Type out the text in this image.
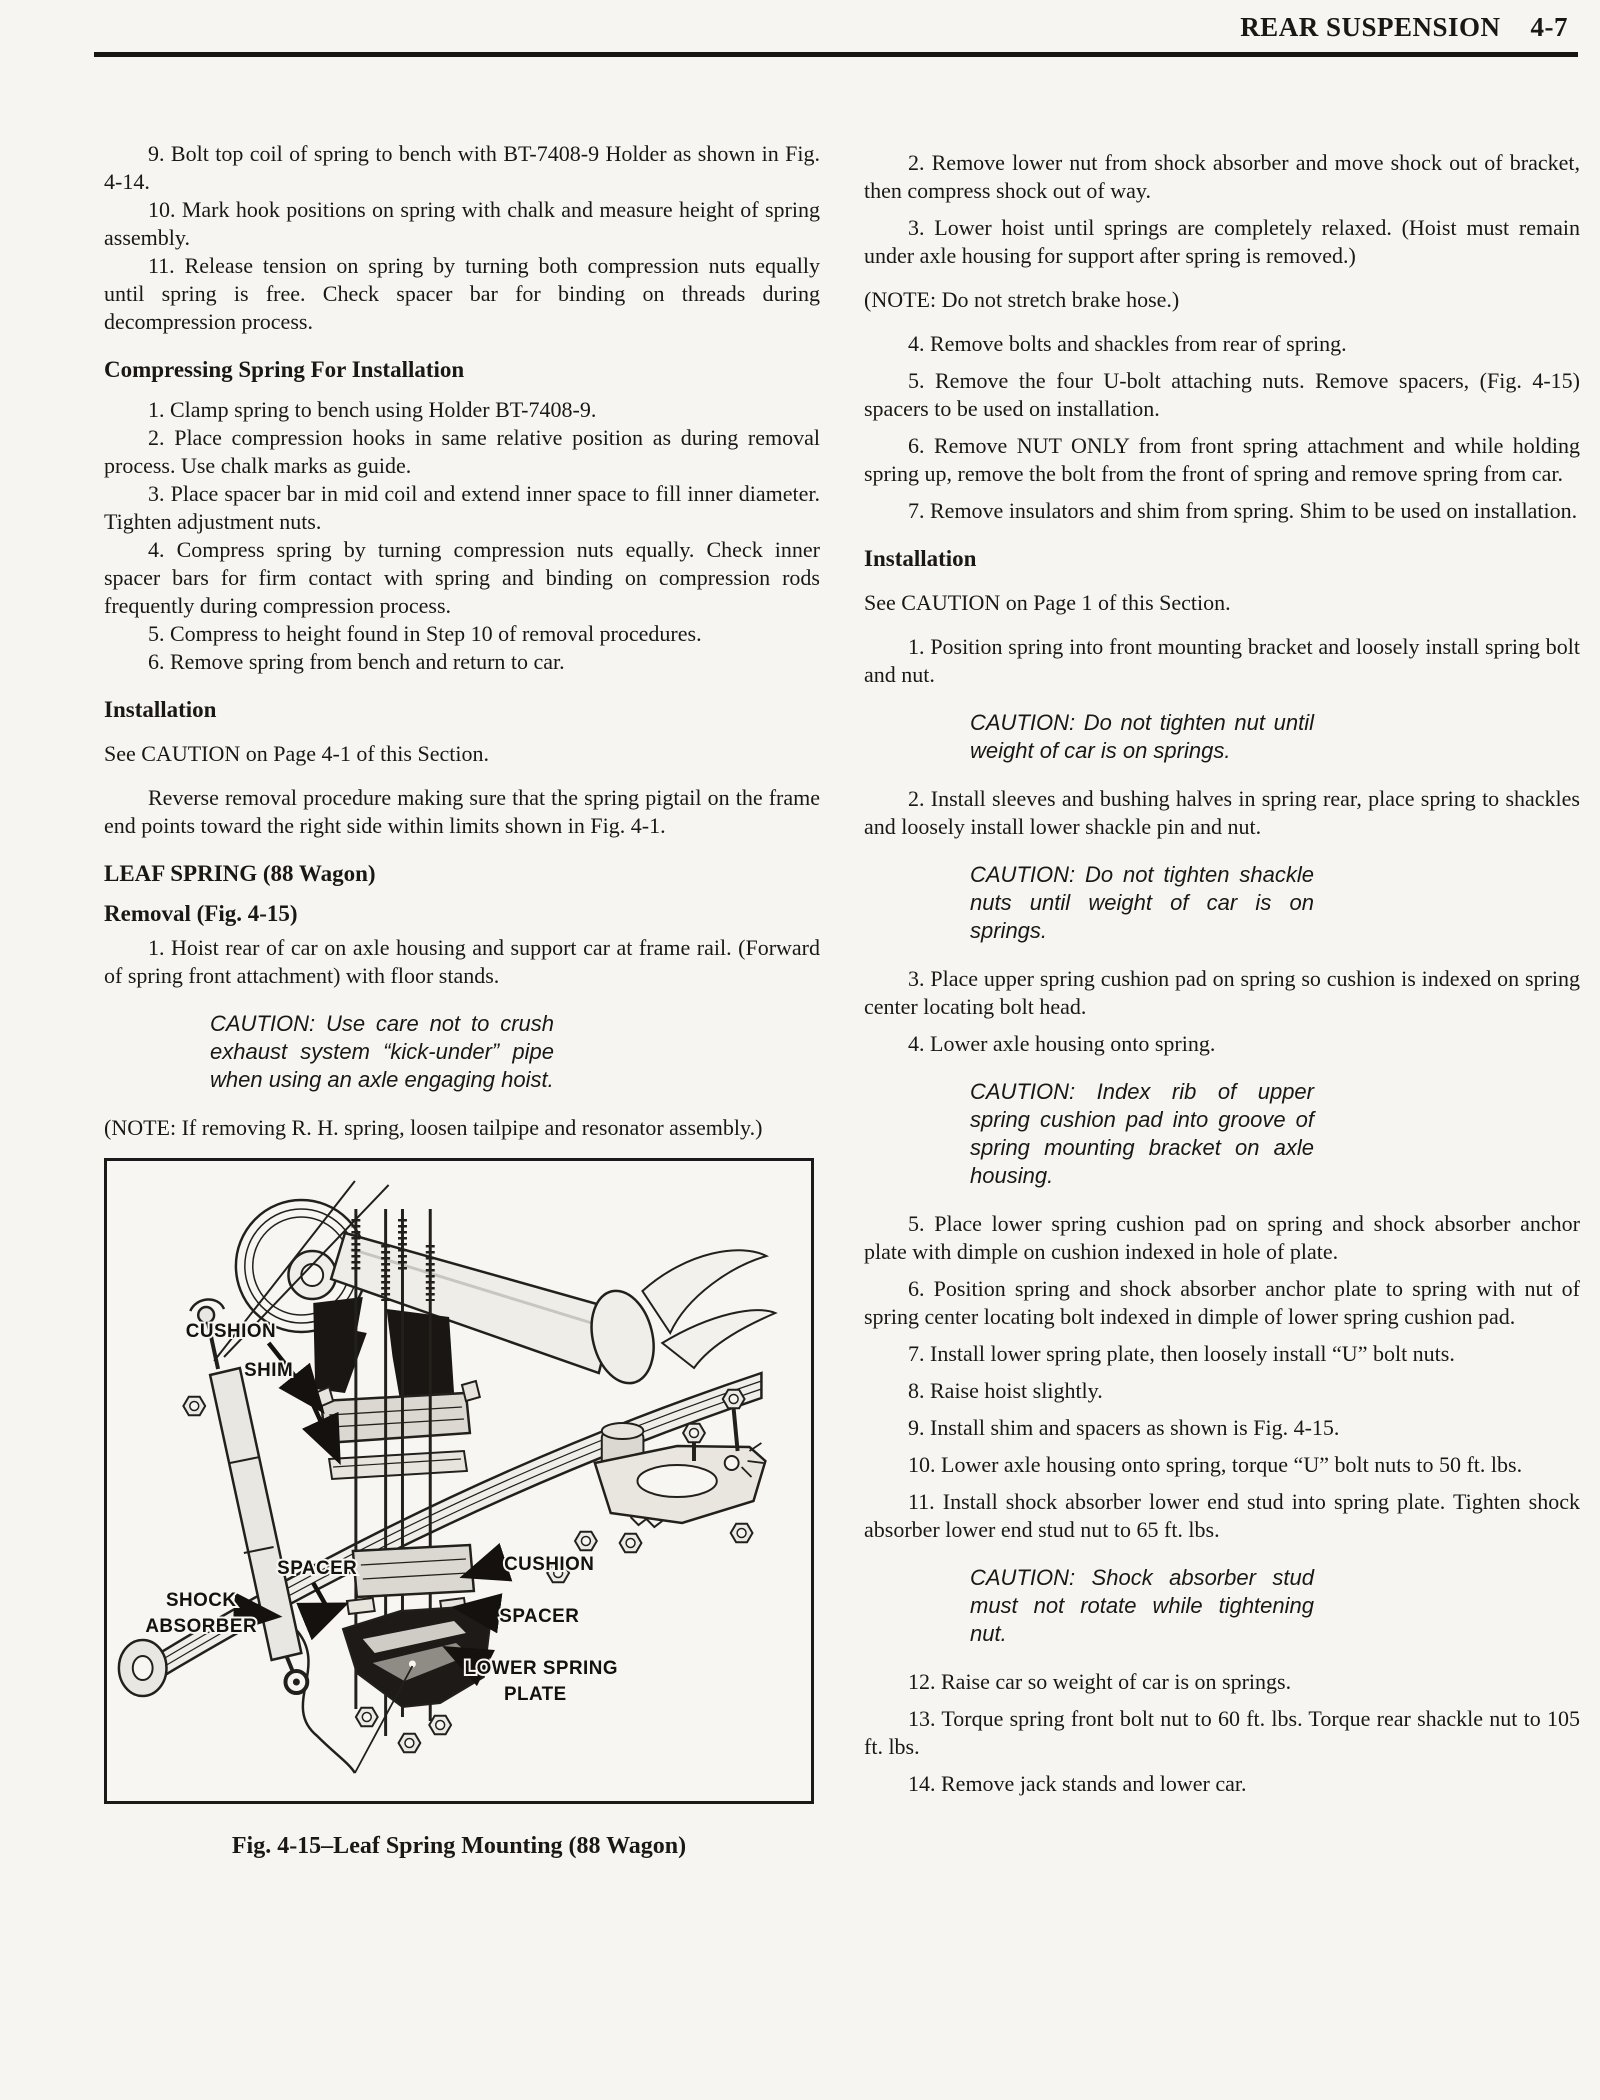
REAR SUSPENSION 4-7

9. Bolt top coil of spring to bench with BT-7408-9 Holder as shown in Fig. 4-14.

10. Mark hook positions on spring with chalk and measure height of spring assembly.

11. Release tension on spring by turning both compression nuts equally until spring is free. Check spacer bar for binding on threads during decompression process.

Compressing Spring For Installation

1. Clamp spring to bench using Holder BT-7408-9.

2. Place compression hooks in same relative position as during removal process. Use chalk marks as guide.

3. Place spacer bar in mid coil and extend inner space to fill inner diameter. Tighten adjustment nuts.

4. Compress spring by turning compression nuts equally. Check inner spacer bars for firm contact with spring and binding on compression rods frequently during compression process.

5. Compress to height found in Step 10 of removal procedures.

6. Remove spring from bench and return to car.

Installation

See CAUTION on Page 4-1 of this Section.

Reverse removal procedure making sure that the spring pigtail on the frame end points toward the right side within limits shown in Fig. 4-1.

LEAF SPRING (88 Wagon)
Removal (Fig. 4-15)

1. Hoist rear of car on axle housing and support car at frame rail. (Forward of spring front attachment) with floor stands.

CAUTION: Use care not to crush exhaust system “kick-under” pipe when using an axle engaging hoist.

(NOTE: If removing R. H. spring, loosen tailpipe and resonator assembly.)

CUSHION
SHIM
SPACER
SHOCK
ABSORBER
CUSHION
SPACER
LOWER SPRING
PLATE
Fig. 4-15–Leaf Spring Mounting (88 Wagon)

2. Remove lower nut from shock absorber and move shock out of bracket, then compress shock out of way.

3. Lower hoist until springs are completely relaxed. (Hoist must remain under axle housing for support after spring is removed.)

(NOTE: Do not stretch brake hose.)

4. Remove bolts and shackles from rear of spring.

5. Remove the four U-bolt attaching nuts. Remove spacers, (Fig. 4-15) spacers to be used on installation.

6. Remove NUT ONLY from front spring attachment and while holding spring up, remove the bolt from the front of spring and remove spring from car.

7. Remove insulators and shim from spring. Shim to be used on installation.

Installation

See CAUTION on Page 1 of this Section.

1. Position spring into front mounting bracket and loosely install spring bolt and nut.

CAUTION: Do not tighten nut until weight of car is on springs.

2. Install sleeves and bushing halves in spring rear, place spring to shackles and loosely install lower shackle pin and nut.

CAUTION: Do not tighten shackle nuts until weight of car is on springs.

3. Place upper spring cushion pad on spring so cushion is indexed on spring center locating bolt head.

4. Lower axle housing onto spring.

CAUTION: Index rib of upper spring cushion pad into groove of spring mounting bracket on axle housing.

5. Place lower spring cushion pad on spring and shock absorber anchor plate with dimple on cushion indexed in hole of plate.

6. Position spring and shock absorber anchor plate to spring with nut of spring center locating bolt indexed in dimple of lower spring cushion pad.

7. Install lower spring plate, then loosely install “U” bolt nuts.

8. Raise hoist slightly.

9. Install shim and spacers as shown is Fig. 4-15.

10. Lower axle housing onto spring, torque “U” bolt nuts to 50 ft. lbs.

11. Install shock absorber lower end stud into spring plate. Tighten shock absorber lower end stud nut to 65 ft. lbs.

CAUTION: Shock absorber stud must not rotate while tightening nut.

12. Raise car so weight of car is on springs.

13. Torque spring front bolt nut to 60 ft. lbs. Torque rear shackle nut to 105 ft. lbs.

14. Remove jack stands and lower car.
